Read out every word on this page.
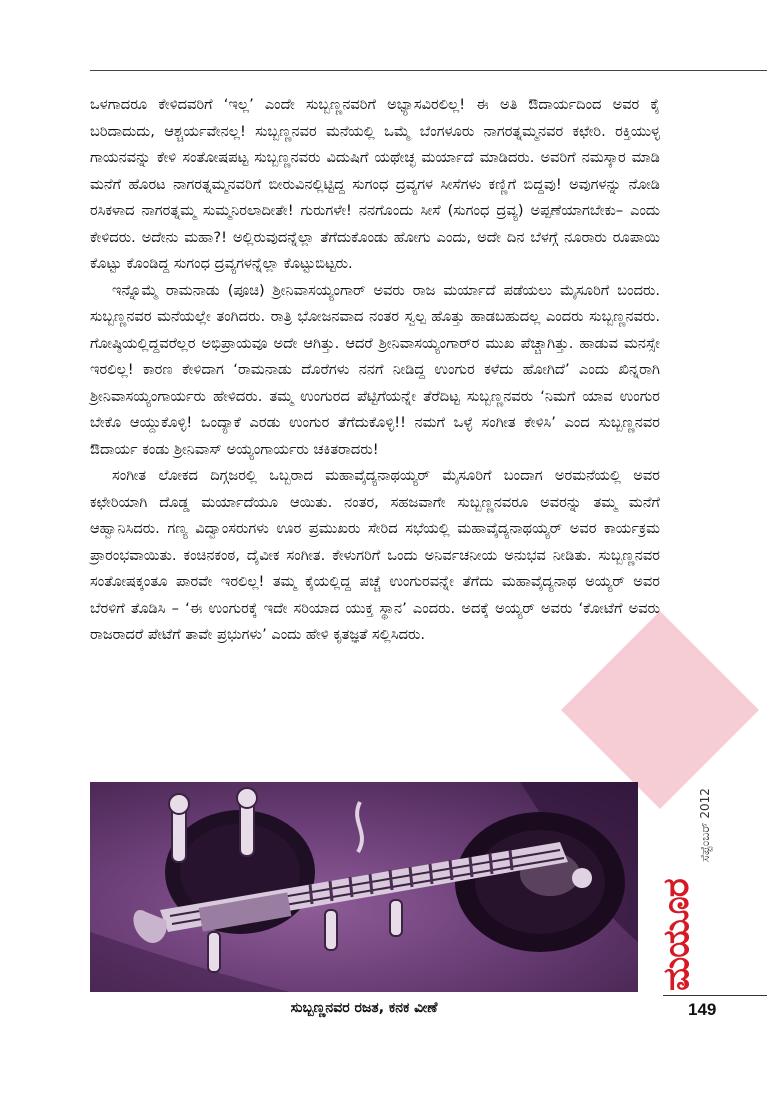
ಒಳಗಾದರೂ ಕೇಳಿದವರಿಗೆ ‘ಇಲ್ಲ’ ಎಂದೇ ಸುಬ್ಬಣ್ಣನವರಿಗೆ ಅಭ್ಯಾಸವಿರಲಿಲ್ಲ! ಈ ಅತಿ ಔದಾರ್ಯದಿಂದ ಅವರ ಕೈ ಬರಿದಾದುದು, ಆಶ್ಚರ್ಯವೇನಲ್ಲ! ಸುಬ್ಬಣ್ಣನವರ ಮನೆಯಲ್ಲಿ ಒಮ್ಮೆ ಬೆಂಗಳೂರು ನಾಗರತ್ನಮ್ಮನವರ ಕಛೇರಿ. ರಕ್ತಿಯುಳ್ಳ ಗಾಯನವನ್ನು ಕೇಳಿ ಸಂತೋಷಪಟ್ಟ ಸುಬ್ಬಣ್ಣನವರು ವಿದುಷಿಗೆ ಯಥೇಚ್ಛ ಮರ್ಯಾದೆ ಮಾಡಿದರು. ಅವರಿಗೆ ನಮಸ್ಕಾರ ಮಾಡಿ ಮನೆಗೆ ಹೊರಟ ನಾಗರತ್ನಮ್ಮನವರಿಗೆ ಬೀರುವಿನಲ್ಲಿಟ್ಟಿದ್ದ ಸುಗಂಧ ದ್ರವ್ಯಗಳ ಸೀಸೆಗಳು ಕಣ್ಣಿಗೆ ಬಿದ್ದವು! ಅವುಗಳನ್ನು ನೋಡಿ ರಸಿಕಳಾದ ನಾಗರತ್ನಮ್ಮ ಸುಮ್ಮನಿರಲಾದೀತೇ! ಗುರುಗಳೇ! ನನಗೊಂದು ಸೀಸೆ (ಸುಗಂಧ ದ್ರವ್ಯ) ಅಪ್ಪಣೆಯಾಗಬೇಕು– ಎಂದು ಕೇಳಿದರು. ಅದೇನು ಮಹಾ?! ಅಲ್ಲಿರುವುದನ್ನೆಲ್ಲಾ ತೆಗೆದುಕೊಂಡು ಹೋಗು ಎಂದು, ಅದೇ ದಿನ ಬೆಳಗ್ಗೆ ನೂರಾರು ರೂಪಾಯಿ ಕೊಟ್ಟು ಕೊಂಡಿದ್ದ ಸುಗಂಧ ದ್ರವ್ಯಗಳನ್ನೆಲ್ಲಾ ಕೊಟ್ಟುಬಿಟ್ಟರು.

ಇನ್ನೊಮ್ಮೆ ರಾಮನಾಡು (ಪೂಚಿ) ಶ್ರೀನಿವಾಸಯ್ಯಂಗಾರ್ ಅವರು ರಾಜ ಮರ್ಯಾದೆ ಪಡೆಯಲು ಮೈಸೂರಿಗೆ ಬಂದರು. ಸುಬ್ಬಣ್ಣನವರ ಮನೆಯಲ್ಲೇ ತಂಗಿದರು. ರಾತ್ರಿ ಭೋಜನವಾದ ನಂತರ ಸ್ವಲ್ಪ ಹೊತ್ತು ಹಾಡಬಹುದಲ್ಲ ಎಂದರು ಸುಬ್ಬಣ್ಣನವರು. ಗೋಷ್ಠಿಯಲ್ಲಿದ್ದವರೆಲ್ಲರ ಅಭಿಪ್ರಾಯವೂ ಅದೇ ಆಗಿತ್ತು. ಆದರೆ ಶ್ರೀನಿವಾಸಯ್ಯಂಗಾರ್‌ರ ಮುಖ ಪೆಚ್ಚಾಗಿತ್ತು. ಹಾಡುವ ಮನಸ್ಸೇ ಇರಲಿಲ್ಲ! ಕಾರಣ ಕೇಳಿದಾಗ ‘ರಾಮನಾಡು ದೊರೆಗಳು ನನಗೆ ನೀಡಿದ್ದ ಉಂಗುರ ಕಳೆದು ಹೋಗಿದೆ’ ಎಂದು ಖಿನ್ನರಾಗಿ ಶ್ರೀನಿವಾಸಯ್ಯಂಗಾರ್ಯರು ಹೇಳಿದರು. ತಮ್ಮ ಉಂಗುರದ ಪೆಟ್ಟಿಗೆಯನ್ನೇ ತೆರೆದಿಟ್ಟ ಸುಬ್ಬಣ್ಣನವರು ‘ನಿಮಗೆ ಯಾವ ಉಂಗುರ ಬೇಕೊ ಆಯ್ದುಕೊಳ್ಳಿ! ಒಂದ್ಯಾಕೆ ಎರಡು ಉಂಗುರ ತೆಗೆದುಕೊಳ್ಳಿ!! ನಮಗೆ ಒಳ್ಳೆ ಸಂಗೀತ ಕೇಳಿಸಿ’ ಎಂದ ಸುಬ್ಬಣ್ಣನವರ ಔದಾರ್ಯ ಕಂಡು ಶ್ರೀನಿವಾಸ್ ಅಯ್ಯಂಗಾರ್ಯರು ಚಕಿತರಾದರು!

ಸಂಗೀತ ಲೋಕದ ದಿಗ್ಗಜರಲ್ಲಿ ಒಬ್ಬರಾದ ಮಹಾವೈದ್ಯನಾಥಯ್ಯರ್ ಮೈಸೂರಿಗೆ ಬಂದಾಗ ಅರಮನೆಯಲ್ಲಿ ಅವರ ಕಛೇರಿಯಾಗಿ ದೊಡ್ಡ ಮರ್ಯಾದೆಯೂ ಆಯಿತು. ನಂತರ, ಸಹಜವಾಗೇ ಸುಬ್ಬಣ್ಣನವರೂ ಅವರನ್ನು ತಮ್ಮ ಮನೆಗೆ ಆಹ್ವಾನಿಸಿದರು. ಗಣ್ಯ ವಿದ್ವಾಂಸರುಗಳು ಊರ ಪ್ರಮುಖರು ಸೇರಿದ ಸಭೆಯಲ್ಲಿ ಮಹಾವೈದ್ಯನಾಥಯ್ಯರ್ ಅವರ ಕಾರ್ಯಕ್ರಮ ಪ್ರಾರಂಭವಾಯಿತು. ಕಂಚಿನಕಂಠ, ದೈವೀಕ ಸಂಗೀತ. ಕೇಳುಗರಿಗೆ ಒಂದು ಅನಿರ್ವಚನೀಯ ಅನುಭವ ನೀಡಿತು. ಸುಬ್ಬಣ್ಣನವರ ಸಂತೋಷಕ್ಕಂತೂ ಪಾರವೇ ಇರಲಿಲ್ಲ! ತಮ್ಮ ಕೈಯಲ್ಲಿದ್ದ ಪಚ್ಚೆ ಉಂಗುರವನ್ನೇ ತೆಗೆದು ಮಹಾವೈದ್ಯನಾಥ ಅಯ್ಯರ್ ಅವರ ಬೆರಳಿಗೆ ತೊಡಿಸಿ – ‘ಈ ಉಂಗುರಕ್ಕೆ ಇದೇ ಸರಿಯಾದ ಯುಕ್ತ ಸ್ಥಾನ’ ಎಂದರು. ಅದಕ್ಕೆ ಅಯ್ಯರ್ ಅವರು ‘ಕೋಟೆಗೆ ಅವರು ರಾಜರಾದರೆ ಪೇಟೆಗೆ ತಾವೇ ಪ್ರಭುಗಳು’ ಎಂದು ಹೇಳಿ ಕೃತಜ್ಞತೆ ಸಲ್ಲಿಸಿದರು.

ಸೆಪ್ಟೆಂಬರ್ 2012
ಮಯೂರ
149
ಸುಬ್ಬಣ್ಣನವರ ರಜತ, ಕನಕ ವೀಣೆ
